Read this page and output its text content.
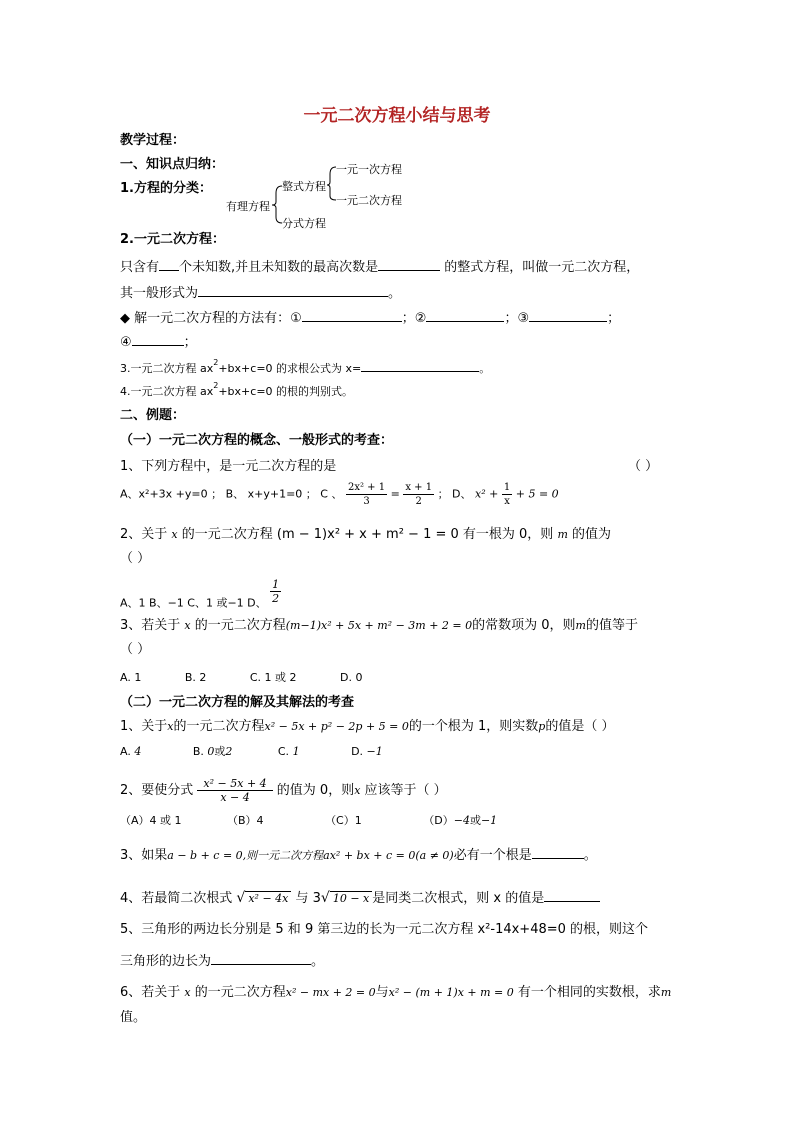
一元二次方程小结与思考
教学过程：
一、知识点归纳：
1.方程的分类：
有理方程
整式方程
分式方程
一元一次方程
一元二次方程
2.一元二次方程：
只含有 个未知数,并且未知数的最高次数是	的整式方程，叫做一元二次方程，
其一般形式为	。
◆ 解一元二次方程的方法有：①	；②	；③	；
④	；
3.一元二次方程 $ax^2+bx+c=0$ 的求根公式为 x=	。
4.一元二次方程 $ax^2+bx+c=0$ 的根的判别式。
二、例题：
（一）一元二次方程的概念、一般形式的考查：
1、下列方程中，是一元二次方程的是	（ ）
A、x²+3x +y=0 ； B、 x+y+1=0 ； C 、 $\frac{\text{2x² + 1}}{3} = \frac{x + 1}{2}$ ； D、 $x^2 + \frac{1}{x} + 5 = 0$
2、关于 x 的一元二次方程 (m − 1)x² + x + m² − 1 = 0 有一根为 0，则 m 的值为
（ ）
A、1 B、−1 C、1 或−1 D、 $\frac{1}{2}$
3、若关于 x 的一元二次方程(m−1)x² + 5x + m² − 3m + 2 = 0的常数项为 0，则m的值等于
（ ）
A. 1	B. 2	C. 1 或 2	D. 0
（二）一元二次方程的解及其解法的考查
1、关于x的一元二次方程x² − 5x + p² − 2p + 5 = 0的一个根为 1，则实数p的值是（ ）
A. 4	B. 0或2	C. 1	D. −1
2、要使分式 $\frac{\text{x² − 5x + 4}}{x - 4}$ 的值为 0，则x 应该等于（ ）
（A）4 或 1	（B）4	（C）1	（D）−4或−1
3、如果a − b + c = 0,则一元二次方程ax² + bx + c = 0(a ≠ 0)必有一个根是	。
4、若最简二次根式 √ x² − 4x 与 3√ 10 − x 是同类二次根式，则 x 的值是
5、三角形的两边长分别是 5 和 9 第三边的长为一元二次方程 x²-14x+48=0 的根，则这个
三角形的边长为	。
6、若关于 x 的一元二次方程x² − mx + 2 = 0与x² − (m + 1)x + m = 0 有一个相同的实数根，求m
值。
